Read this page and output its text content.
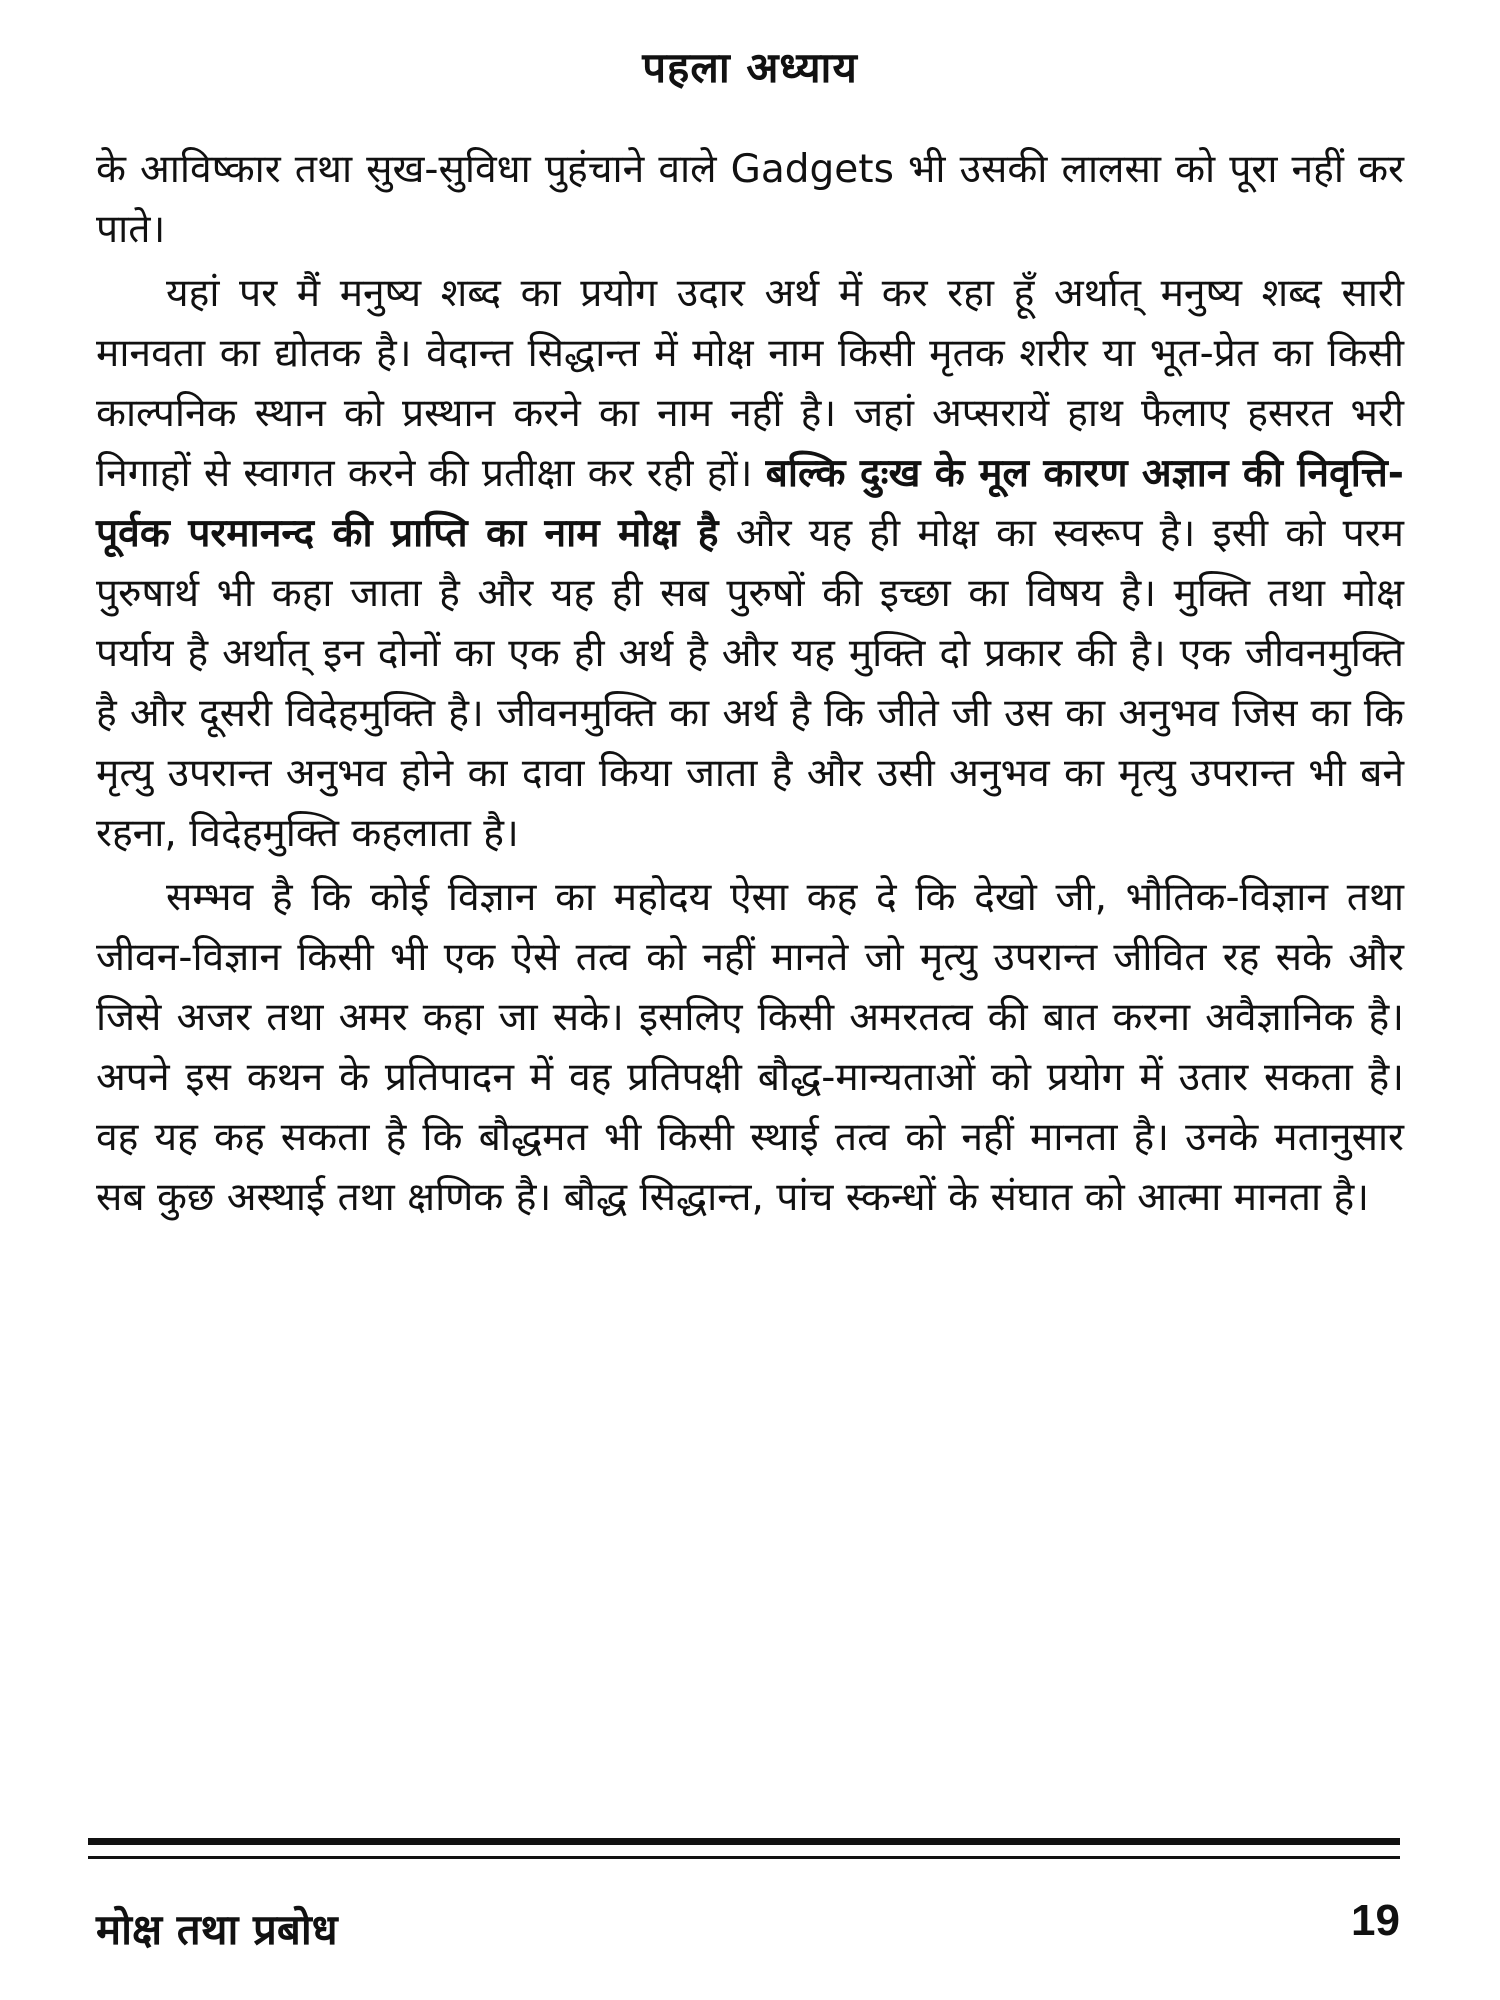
पहला अध्याय

के आविष्कार तथा सुख-सुविधा पुहंचाने वाले Gadgets भी उसकी लालसा को पूरा नहीं कर पाते।

यहां पर मैं मनुष्य शब्द का प्रयोग उदार अर्थ में कर रहा हूँ अर्थात् मनुष्य शब्द सारी मानवता का द्योतक है। वेदान्त सिद्धान्त में मोक्ष नाम किसी मृतक शरीर या भूत-प्रेत का किसी काल्पनिक स्थान को प्रस्थान करने का नाम नहीं है। जहां अप्सरायें हाथ फैलाए हसरत भरी निगाहों से स्वागत करने की प्रतीक्षा कर रही हों। बल्कि दुःख के मूल कारण अज्ञान की निवृत्ति-पूर्वक परमानन्द की प्राप्ति का नाम मोक्ष है और यह ही मोक्ष का स्वरूप है। इसी को परम पुरुषार्थ भी कहा जाता है और यह ही सब पुरुषों की इच्छा का विषय है। मुक्ति तथा मोक्ष पर्याय है अर्थात् इन दोनों का एक ही अर्थ है और यह मुक्ति दो प्रकार की है। एक जीवनमुक्ति है और दूसरी विदेहमुक्ति है। जीवनमुक्ति का अर्थ है कि जीते जी उस का अनुभव जिस का कि मृत्यु उपरान्त अनुभव होने का दावा किया जाता है और उसी अनुभव का मृत्यु उपरान्त भी बने रहना, विदेहमुक्ति कहलाता है।

सम्भव है कि कोई विज्ञान का महोदय ऐसा कह दे कि देखो जी, भौतिक-विज्ञान तथा जीवन-विज्ञान किसी भी एक ऐसे तत्व को नहीं मानते जो मृत्यु उपरान्त जीवित रह सके और जिसे अजर तथा अमर कहा जा सके। इसलिए किसी अमरतत्व की बात करना अवैज्ञानिक है। अपने इस कथन के प्रतिपादन में वह प्रतिपक्षी बौद्ध-मान्यताओं को प्रयोग में उतार सकता है। वह यह कह सकता है कि बौद्धमत भी किसी स्थाई तत्व को नहीं मानता है। उनके मतानुसार सब कुछ अस्थाई तथा क्षणिक है। बौद्ध सिद्धान्त, पांच स्कन्धों के संघात को आत्मा मानता है।

मोक्ष तथा प्रबोध	19
